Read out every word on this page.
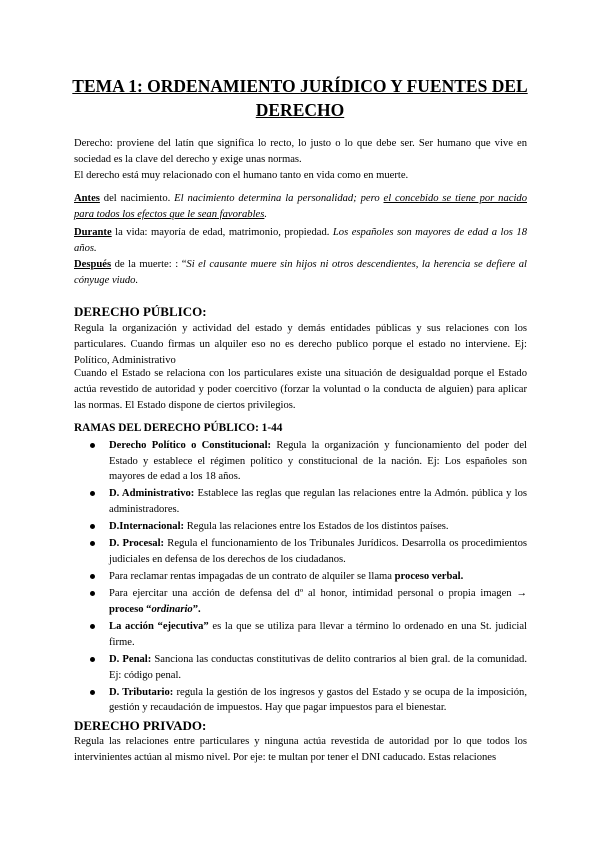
TEMA 1: ORDENAMIENTO JURÍDICO Y FUENTES DEL DERECHO
Derecho: proviene del latín que significa lo recto, lo justo o lo que debe ser. Ser humano que vive en sociedad es la clave del derecho y exige unas normas.
El derecho está muy relacionado con el humano tanto en vida como en muerte.
Antes del nacimiento. El nacimiento determina la personalidad; pero el concebido se tiene por nacido para todos los efectos que le sean favorables.
Durante la vida: mayoría de edad, matrimonio, propiedad. Los españoles son mayores de edad a los 18 años.
Después de la muerte: : “Si el causante muere sin hijos ni otros descendientes, la herencia se defiere al cónyuge viudo.
DERECHO PÚBLICO:
Regula la organización y actividad del estado y demás entidades públicas y sus relaciones con los particulares. Cuando firmas un alquiler eso no es derecho publico porque el estado no interviene. Ej: Político, Administrativo
Cuando el Estado se relaciona con los particulares existe una situación de desigualdad porque el Estado actúa revestido de autoridad y poder coercitivo (forzar la voluntad o la conducta de alguien) para aplicar las normas. El Estado dispone de ciertos privilegios.
RAMAS DEL DERECHO PÚBLICO: 1-44
Derecho Político o Constitucional: Regula la organización y funcionamiento del poder del Estado y establece el régimen político y constitucional de la nación. Ej: Los españoles son mayores de edad a los 18 años.
D. Administrativo: Establece las reglas que regulan las relaciones entre la Admón. pública y los administradores.
D.Internacional: Regula las relaciones entre los Estados de los distintos países.
D. Procesal: Regula el funcionamiento de los Tribunales Jurídicos. Desarrolla os procedimientos judiciales en defensa de los derechos de los ciudadanos.
Para reclamar rentas impagadas de un contrato de alquiler se llama proceso verbal.
Para ejercitar una acción de defensa del dº al honor, intimidad personal o propia imagen → proceso “ordinario”.
La acción “ejecutiva” es la que se utiliza para llevar a término lo ordenado en una St. judicial firme.
D. Penal: Sanciona las conductas constitutivas de delito contrarios al bien gral. de la comunidad. Ej: código penal.
D. Tributario: regula la gestión de los ingresos y gastos del Estado y se ocupa de la imposición, gestión y recaudación de impuestos. Hay que pagar impuestos para el bienestar.
DERECHO PRIVADO:
Regula las relaciones entre particulares y ninguna actúa revestida de autoridad por lo que todos los intervinientes actúan al mismo nivel. Por eje: te multan por tener el DNI caducado. Estas relaciones
